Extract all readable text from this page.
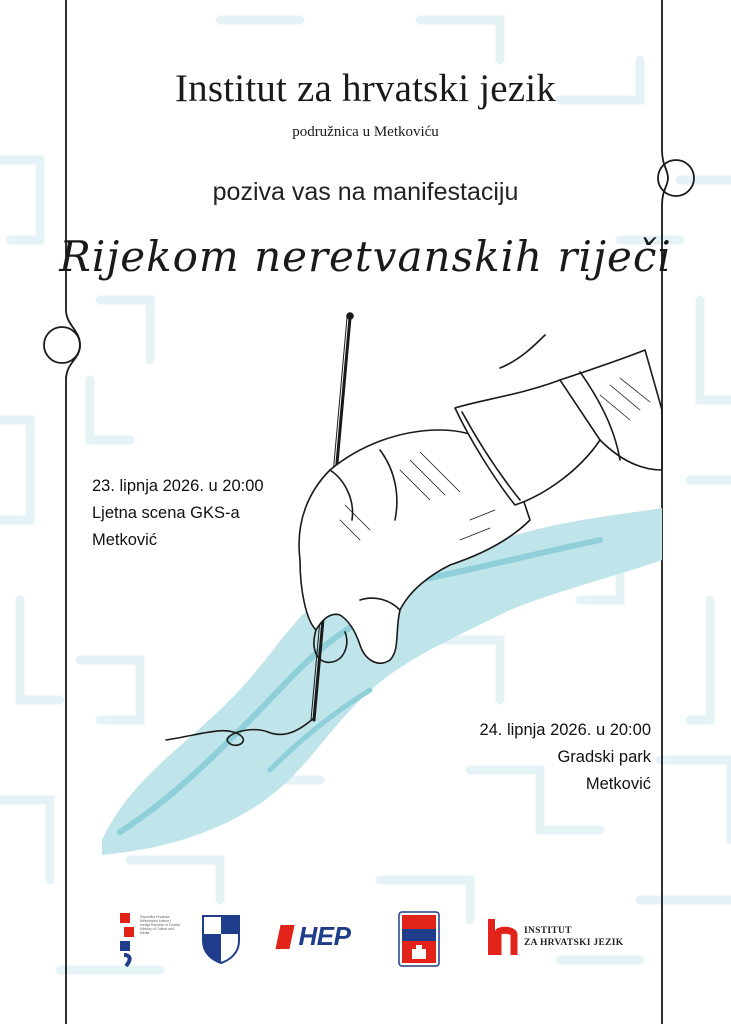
Institut za hrvatski jezik
podružnica u Metkoviću
poziva vas na manifestaciju
Rijekom neretvanskih riječi
23. lipnja 2026. u 20:00
Ljetna scena GKS-a
Metković
24. lipnja 2026. u 20:00
Gradski park
Metković
Republika Hrvatska Ministarstvo kulture i medija Republic of Croatia Ministry of Culture and Media	HEP	INSTITUT
ZA HRVATSKI JEZIK
